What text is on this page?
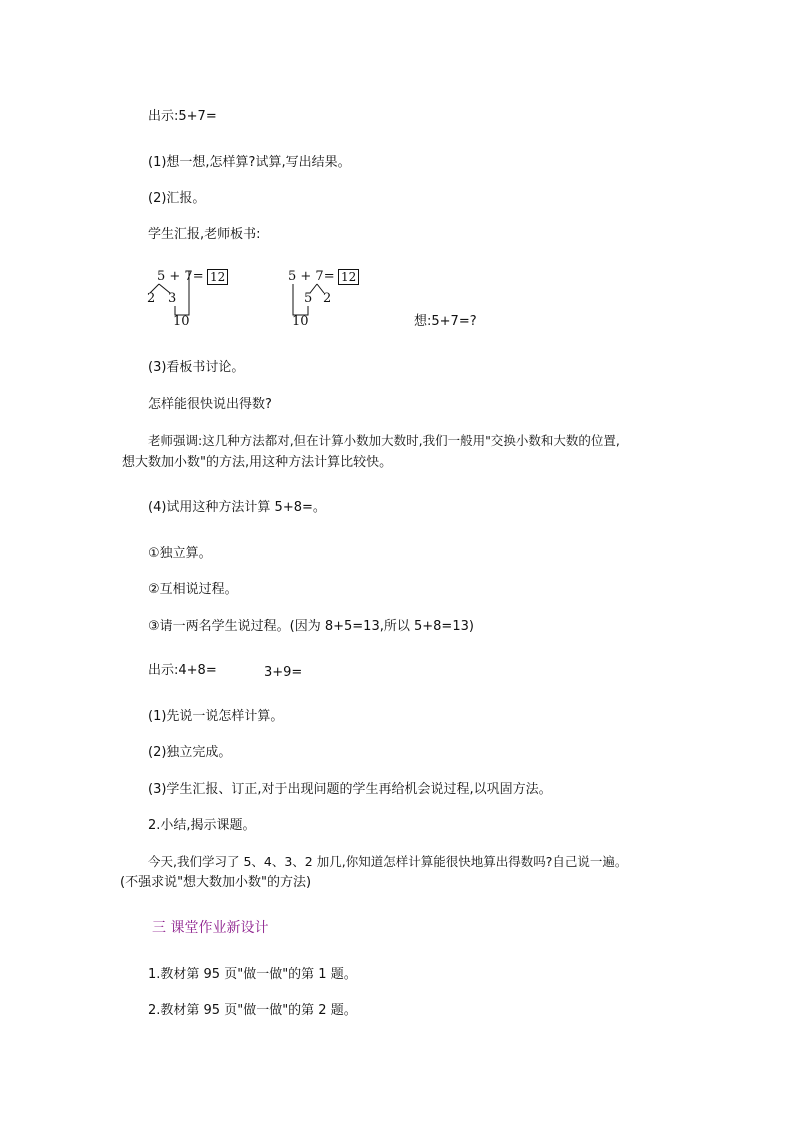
出示:5+7=
(1)想一想,怎样算?试算,写出结果。
(2)汇报。
学生汇报,老师板书:
5 + 7= 12
2 3
10
5 + 7= 12
5 2
10	想:5+7=?
(3)看板书讨论。
怎样能很快说出得数?
老师强调:这几种方法都对,但在计算小数加大数时,我们一般用"交换小数和大数的位置,
想大数加小数"的方法,用这种方法计算比较快。
(4)试用这种方法计算 5+8=。
①独立算。
②互相说过程。
③请一两名学生说过程。(因为 8+5=13,所以 5+8=13)
出示:4+8=	3+9=
(1)先说一说怎样计算。
(2)独立完成。
(3)学生汇报、订正,对于出现问题的学生再给机会说过程,以巩固方法。
2.小结,揭示课题。
今天,我们学习了 5、4、3、2 加几,你知道怎样计算能很快地算出得数吗?自己说一遍。
(不强求说"想大数加小数"的方法)
三 课堂作业新设计
1.教材第 95 页"做一做"的第 1 题。
2.教材第 95 页"做一做"的第 2 题。
